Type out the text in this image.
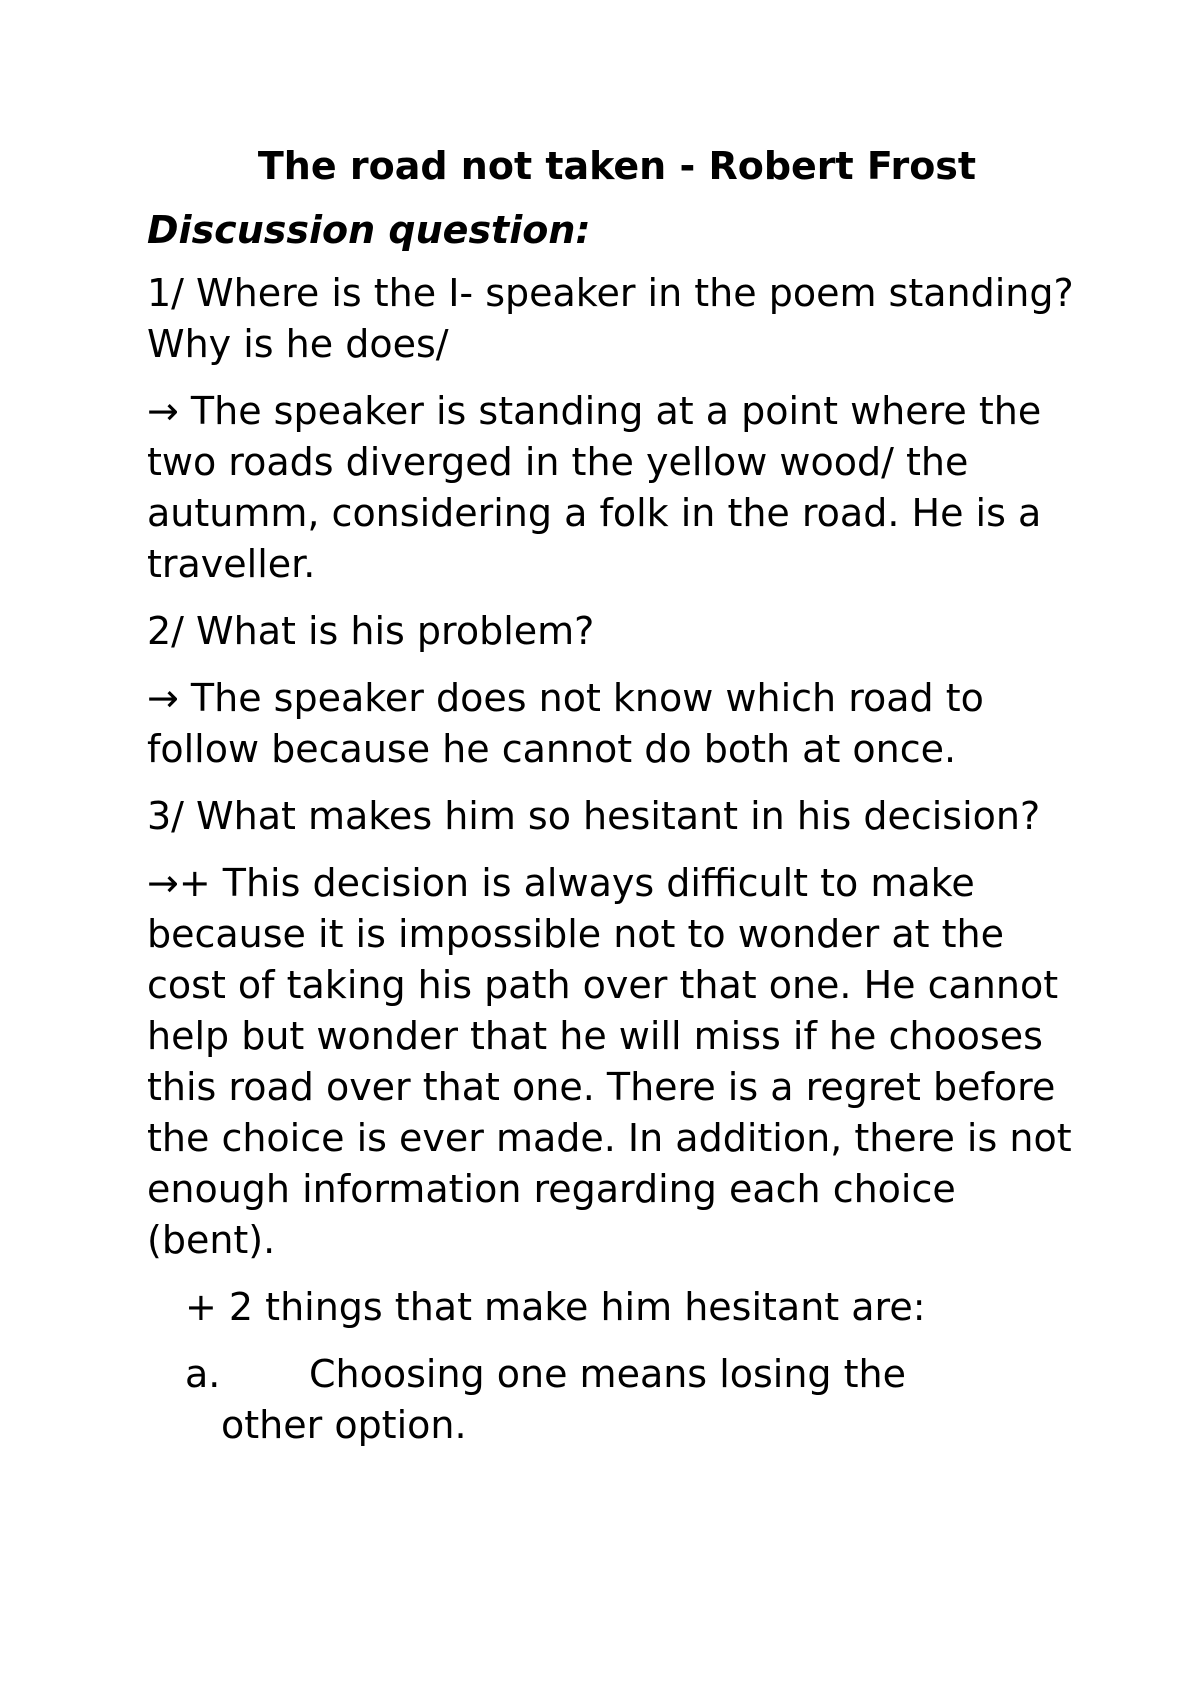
The road not taken - Robert Frost
Discussion question:
1/ Where is the I- speaker in the poem standing? Why is he does/
→ The speaker is standing at a point where the two roads diverged in the yellow wood/ the autumm, considering a folk in the road. He is a traveller.
2/ What is his problem?
→ The speaker does not know which road to follow because he cannot do both at once.
3/ What makes him so hesitant in his decision?
→+ This decision is always difficult to make because it is impossible not to wonder at the cost of taking his path over that one. He cannot help but wonder that he will miss if he chooses this road over that one. There is a regret before the choice is ever made. In addition, there is not enough information regarding each choice (bent).
+ 2 things that make him hesitant are:
a. Choosing one means losing the
other option.
